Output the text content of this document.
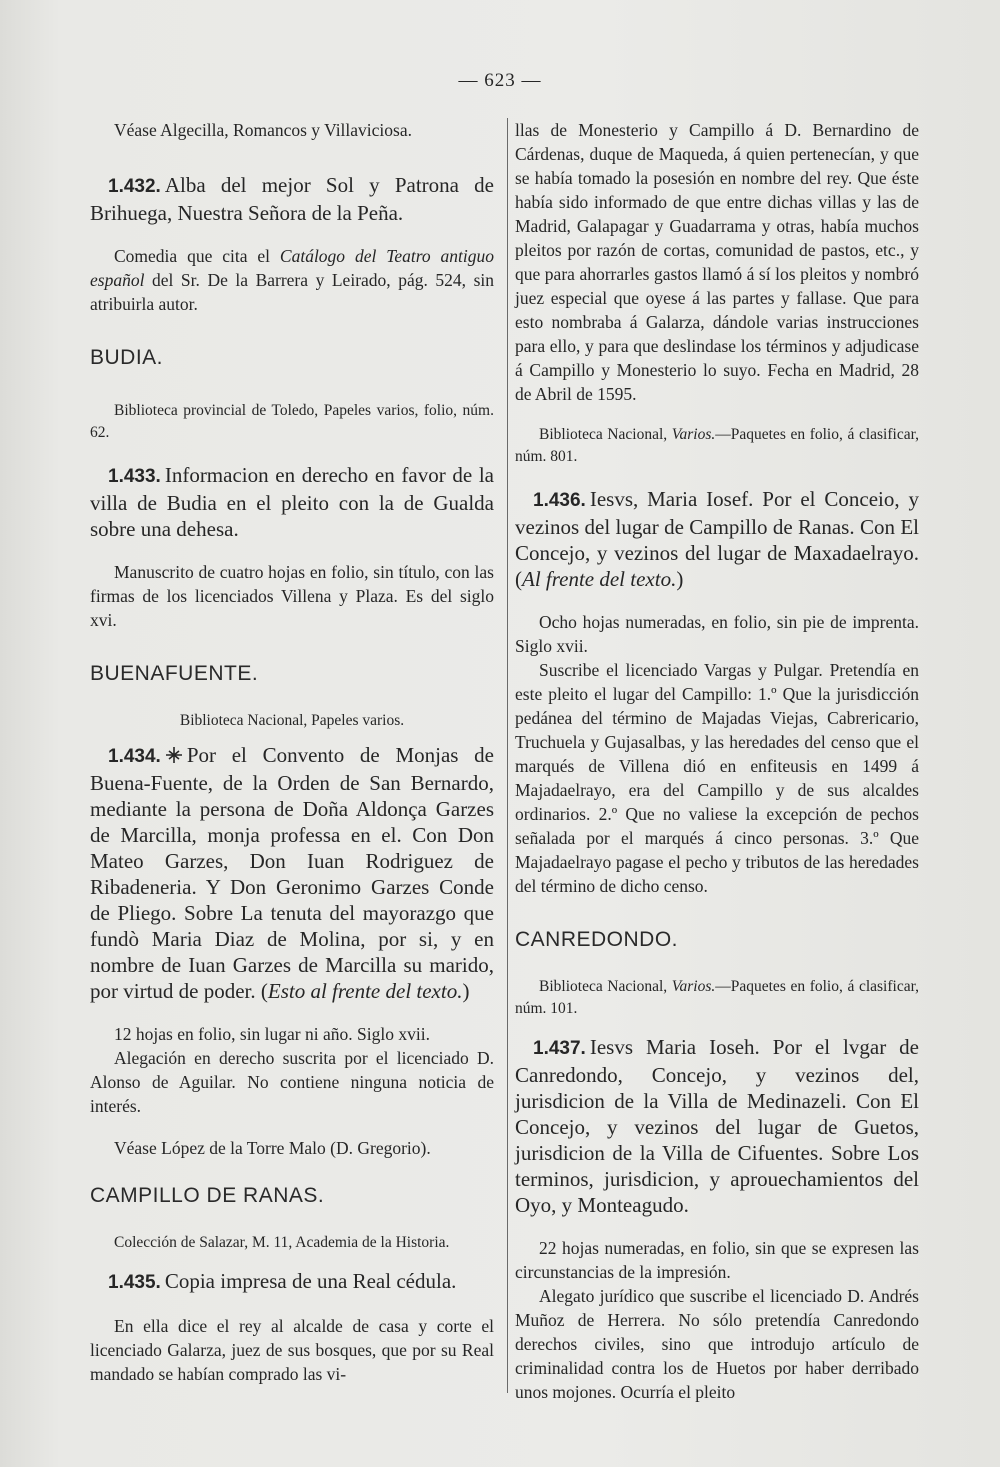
— 623 —

Véase Algecilla, Romancos y Villaviciosa.

1.432. Alba del mejor Sol y Patrona de Brihuega, Nuestra Señora de la Peña.

Comedia que cita el Catálogo del Teatro antiguo español del Sr. De la Barrera y Leirado, pág. 524, sin atribuirla autor.

BUDIA.

Biblioteca provincial de Toledo, Papeles varios, folio, núm. 62.

1.433. Informacion en derecho en favor de la villa de Budia en el pleito con la de Gualda sobre una dehesa.

Manuscrito de cuatro hojas en folio, sin título, con las firmas de los licenciados Villena y Plaza. Es del siglo xvi.

BUENAFUENTE.

Biblioteca Nacional, Papeles varios.

1.434. Por el Convento de Monjas de Buena-Fuente, de la Orden de San Bernardo, mediante la persona de Doña Aldonça Garzes de Marcilla, monja professa en el. Con Don Mateo Garzes, Don Iuan Rodriguez de Ribadeneria. Y Don Geronimo Garzes Conde de Pliego. Sobre La tenuta del mayorazgo que fundò Maria Diaz de Molina, por si, y en nombre de Iuan Garzes de Marcilla su marido, por virtud de poder. (Esto al frente del texto.)

12 hojas en folio, sin lugar ni año. Siglo xvii.

Alegación en derecho suscrita por el licenciado D. Alonso de Aguilar. No contiene ninguna noticia de interés.

Véase López de la Torre Malo (D. Gregorio).

CAMPILLO DE RANAS.

Colección de Salazar, M. 11, Academia de la Historia.

1.435. Copia impresa de una Real cédula.

En ella dice el rey al alcalde de casa y corte el licenciado Galarza, juez de sus bosques, que por su Real mandado se habían comprado las vi-

llas de Monesterio y Campillo á D. Bernardino de Cárdenas, duque de Maqueda, á quien pertenecían, y que se había tomado la posesión en nombre del rey. Que éste había sido informado de que entre dichas villas y las de Madrid, Galapagar y Guadarrama y otras, había muchos pleitos por razón de cortas, comunidad de pastos, etc., y que para ahorrarles gastos llamó á sí los pleitos y nombró juez especial que oyese á las partes y fallase. Que para esto nombraba á Galarza, dándole varias instrucciones para ello, y para que deslindase los términos y adjudicase á Campillo y Monesterio lo suyo. Fecha en Madrid, 28 de Abril de 1595.

Biblioteca Nacional, Varios.—Paquetes en folio, á clasificar, núm. 801.

1.436. Iesvs, Maria Iosef. Por el Conceio, y vezinos del lugar de Campillo de Ranas. Con El Concejo, y vezinos del lugar de Maxadaelrayo. (Al frente del texto.)

Ocho hojas numeradas, en folio, sin pie de imprenta. Siglo xvii.

Suscribe el licenciado Vargas y Pulgar. Pretendía en este pleito el lugar del Campillo: 1.º Que la jurisdicción pedánea del término de Majadas Viejas, Cabrericario, Truchuela y Gujasalbas, y las heredades del censo que el marqués de Villena dió en enfiteusis en 1499 á Majadaelrayo, era del Campillo y de sus alcaldes ordinarios. 2.º Que no valiese la excepción de pechos señalada por el marqués á cinco personas. 3.º Que Majadaelrayo pagase el pecho y tributos de las heredades del término de dicho censo.

CANREDONDO.

Biblioteca Nacional, Varios.—Paquetes en folio, á clasificar, núm. 101.

1.437. Iesvs Maria Ioseh. Por el lvgar de Canredondo, Concejo, y vezinos del, jurisdicion de la Villa de Medinazeli. Con El Concejo, y vezinos del lugar de Guetos, jurisdicion de la Villa de Cifuentes. Sobre Los terminos, jurisdicion, y aprouechamientos del Oyo, y Monteagudo.

22 hojas numeradas, en folio, sin que se expresen las circunstancias de la impresión.

Alegato jurídico que suscribe el licenciado D. Andrés Muñoz de Herrera. No sólo pretendía Canredondo derechos civiles, sino que introdujo artículo de criminalidad contra los de Huetos por haber derribado unos mojones. Ocurría el pleito
